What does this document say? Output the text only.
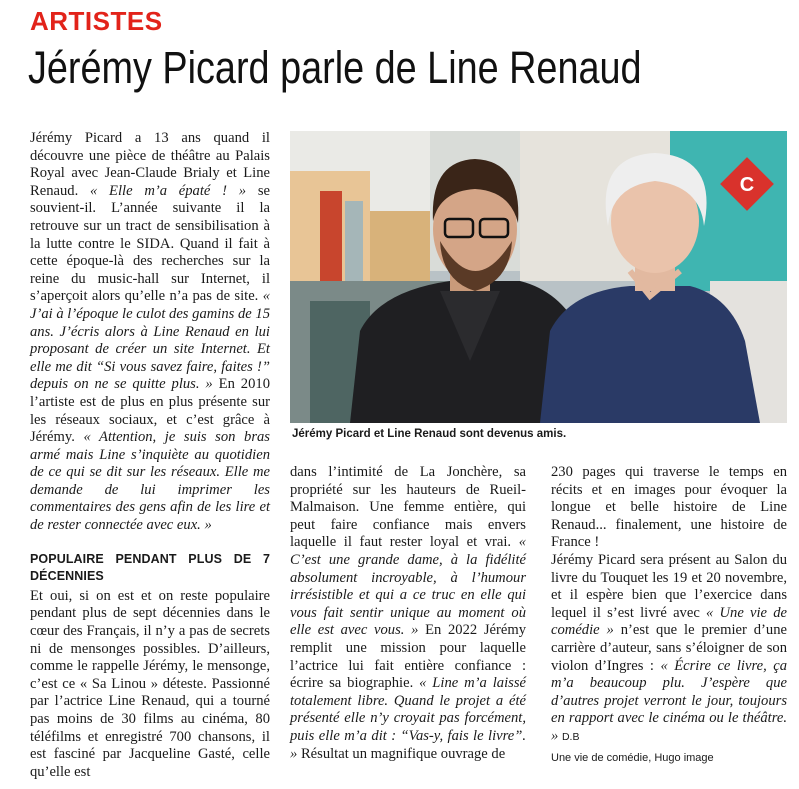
ARTISTES
Jérémy Picard parle de Line Renaud

Jérémy Picard a 13 ans quand il découvre une pièce de théâtre au Palais Royal avec Jean-Claude Brialy et Line Renaud. « Elle m’a épaté ! » se souvient-il. L’année suivante il la retrouve sur un tract de sensibilisation à la lutte contre le SIDA. Quand il fait à cette époque-là des recherches sur la reine du music-hall sur Internet, il s’aperçoit alors qu’elle n’a pas de site. « J’ai à l’époque le culot des gamins de 15 ans. J’écris alors à Line Renaud en lui proposant de créer un site Internet. Et elle me dit “Si vous savez faire, faites !” depuis on ne se quitte plus. » En 2010 l’artiste est de plus en plus présente sur les réseaux sociaux, et c’est grâce à Jérémy. « Attention, je suis son bras armé mais Line s’inquiète au quotidien de ce qui se dit sur les réseaux. Elle me demande de lui imprimer les commentaires des gens afin de les lire et de rester connectée avec eux. »

POPULAIRE PENDANT PLUS DE 7 DÉCENNIES

Et oui, si on est et on reste populaire pendant plus de sept décennies dans le cœur des Français, il n’y a pas de secrets ni de mensonges possibles. D’ailleurs, comme le rappelle Jérémy, le mensonge, c’est ce « Sa Linou » déteste. Passionné par l’actrice Line Renaud, qui a tourné pas moins de 30 films au cinéma, 80 téléfilms et enregistré 700 chansons, il est fasciné par Jacqueline Gasté, celle qu’elle est

C
Jérémy Picard et Line Renaud sont devenus amis.

dans l’intimité de La Jonchère, sa propriété sur les hauteurs de Rueil-Malmaison. Une femme entière, qui peut faire confiance mais envers laquelle il faut rester loyal et vrai. « C’est une grande dame, à la fidélité absolument incroyable, à l’humour irrésistible et qui a ce truc en elle qui vous fait sentir unique au moment où elle est avec vous. » En 2022 Jérémy remplit une mission pour laquelle l’actrice lui fait entière confiance : écrire sa biographie. « Line m’a laissé totalement libre. Quand le projet a été présenté elle n’y croyait pas forcément, puis elle m’a dit : “Vas-y, fais le livre”. » Résultat un magnifique ouvrage de

230 pages qui traverse le temps en récits et en images pour évoquer la longue et belle histoire de Line Renaud... finalement, une histoire de France !

Jérémy Picard sera présent au Salon du livre du Touquet les 19 et 20 novembre, et il espère bien que l’exercice dans lequel il s’est livré avec « Une vie de comédie » n’est que le premier d’une carrière d’auteur, sans s’éloigner de son violon d’Ingres : « Écrire ce livre, ça m’a beaucoup plu. J’espère que d’autres projet verront le jour, toujours en rapport avec le cinéma ou le théâtre. » D.B

Une vie de comédie, Hugo image
